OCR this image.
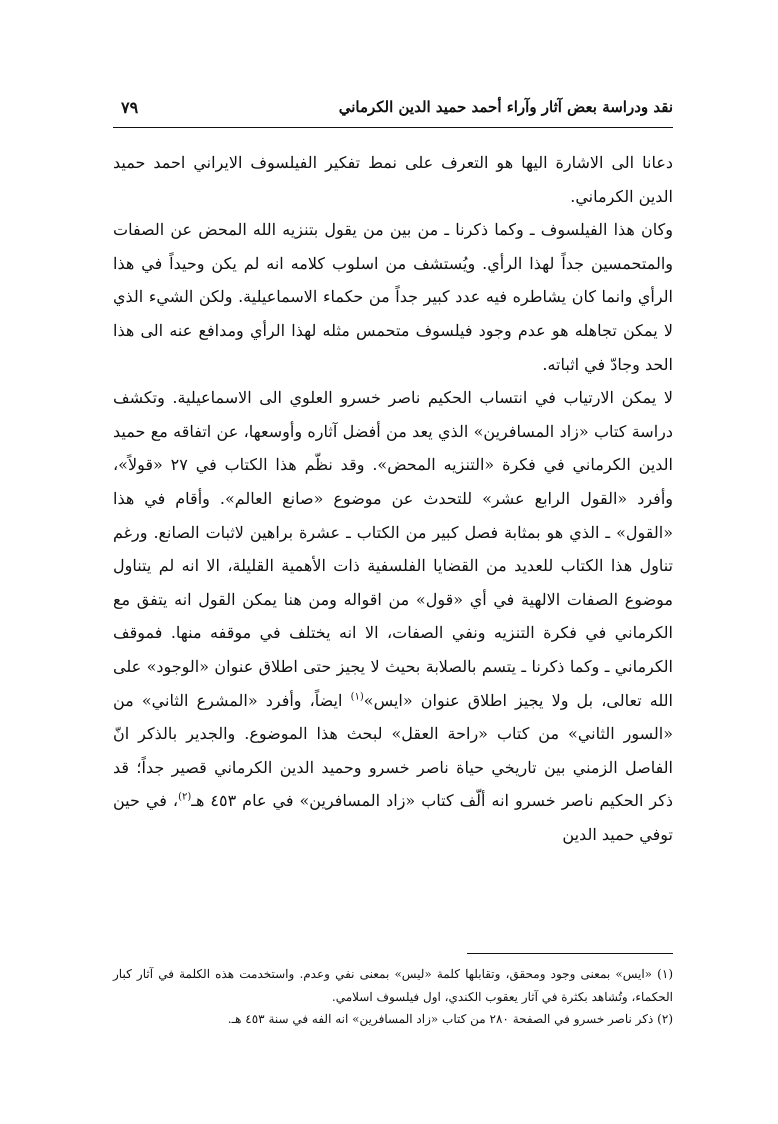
نقد ودراسة بعض آثار وآراء أحمد حميد الدين الكرماني
٧٩

دعانا الى الاشارة اليها هو التعرف على نمط تفكير الفيلسوف الايراني احمد حميد الدين الكرماني.

وكان هذا الفيلسوف ـ وكما ذكرنا ـ من بين من يقول بتنزيه الله المحض عن الصفات والمتحمسين جداً لهذا الرأي. ويُستشف من اسلوب كلامه انه لم يكن وحيداً في هذا الرأي وانما كان يشاطره فيه عدد كبير جداً من حكماء الاسماعيلية. ولكن الشيء الذي لا يمكن تجاهله هو عدم وجود فيلسوف متحمس مثله لهذا الرأي ومدافع عنه الى هذا الحد وجادّ في اثباته.

لا يمكن الارتياب في انتساب الحكيم ناصر خسرو العلوي الى الاسماعيلية. وتكشف دراسة كتاب «زاد المسافرين» الذي يعد من أفضل آثاره وأوسعها، عن اتفاقه مع حميد الدين الكرماني في فكرة «التنزيه المحض». وقد نظّم هذا الكتاب في ٢٧ «قولاً»، وأفرد «القول الرابع عشر» للتحدث عن موضوع «صانع العالم». وأقام في هذا «القول» ـ الذي هو بمثابة فصل كبير من الكتاب ـ عشرة براهين لاثبات الصانع. ورغم تناول هذا الكتاب للعديد من القضايا الفلسفية ذات الأهمية القليلة، الا انه لم يتناول موضوع الصفات الالهية في أي «قول» من اقواله ومن هنا يمكن القول انه يتفق مع الكرماني في فكرة التنزيه ونفي الصفات، الا انه يختلف في موقفه منها. فموقف الكرماني ـ وكما ذكرنا ـ يتسم بالصلابة بحيث لا يجيز حتى اطلاق عنوان «الوجود» على الله تعالى، بل ولا يجيز اطلاق عنوان «ايس»$^{(١)}$ ايضاً، وأفرد «المشرع الثاني» من «السور الثاني» من كتاب «راحة العقل» لبحث هذا الموضوع. والجدير بالذكر انّ الفاصل الزمني بين تاريخي حياة ناصر خسرو وحميد الدين الكرماني قصير جداً؛ قد ذكر الحكيم ناصر خسرو انه ألّف كتاب «زاد المسافرين» في عام ٤٥٣ هـ$^{(٢)}$، في حين توفي حميد الدين

(١) «ايس» بمعنى وجود ومحقق، وتقابلها كلمة «ليس» بمعنى نفي وعدم. واستخدمت هذه الكلمة في آثار كبار الحكماء، وتُشاهد بكثرة في آثار يعقوب الكندي، اول فيلسوف اسلامي.

(٢) ذكر ناصر خسرو في الصفحة ٢٨٠ من كتاب «زاد المسافرين» انه الفه في سنة ٤٥٣ هـ.
